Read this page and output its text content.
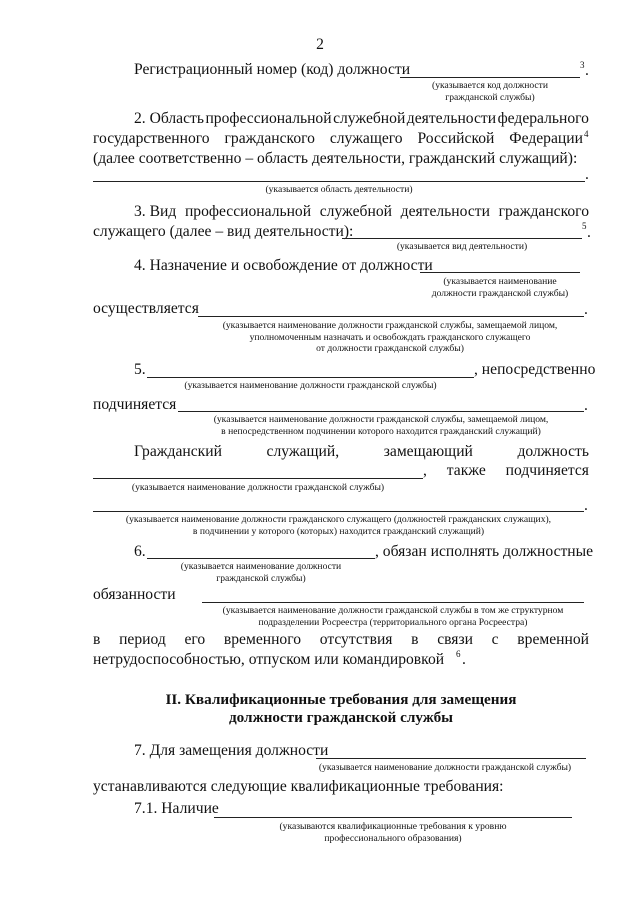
2
Регистрационный номер (код) должности	3 .
(указывается код должности
гражданской службы)
2. Область профессиональной служебной деятельности федерального
государственного гражданского служащего Российской Федерации 4
(далее соответственно – область деятельности, гражданский служащий):
.
(указывается область деятельности)
3. Вид профессиональной служебной деятельности гражданского
служащего (далее – вид деятельности):	5 .
(указывается вид деятельности)
4. Назначение и освобождение от должности
(указывается наименование
должности гражданской службы)
осуществляется	.
(указывается наименование должности гражданской службы, замещаемой лицом,
уполномоченным назначать и освобождать гражданского служащего
от должности гражданской службы)
5.	, непосредственно
(указывается наименование должности гражданской службы)
подчиняется	.
(указывается наименование должности гражданской службы, замещаемой лицом,
в непосредственном подчинении которого находится гражданский служащий)
Гражданский	служащий,	замещающий	должность
, также подчиняется
(указывается наименование должности гражданской службы)
.
(указывается наименование должности гражданского служащего (должностей гражданских служащих),
в подчинении у которого (которых) находится гражданский служащий)
6.	, обязан исполнять должностные
(указывается наименование должности
гражданской службы)
обязанности
(указывается наименование должности гражданской службы в том же структурном
подразделении Росреестра (территориального органа Росреестра)
в период его временного отсутствия в связи с временной
нетрудоспособностью, отпуском или командировкой 6 .
II. Квалификационные требования для замещения
должности гражданской службы
7. Для замещения должности
(указывается наименование должности гражданской службы)
устанавливаются следующие квалификационные требования:
7.1. Наличие
(указываются квалификационные требования к уровню
профессионального образования)
